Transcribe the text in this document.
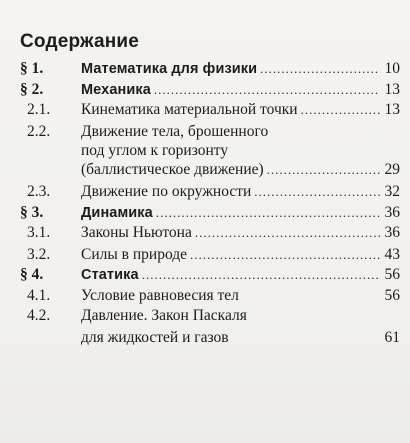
Содержание
§ 1.	Математика для физики .....	10
§ 2.	Механика .....	13
2.1. Кинематика материальной точки .....	13
2.2. Движение тела, брошенного
под углом к горизонту
(баллистическое движение) .....	29
2.3. Движение по окружности .....	32
§ 3.	Динамика .....	36
3.1. Законы Ньютона .....	36
3.2. Силы в природе .....	43
§ 4.	Статика .....	56
4.1. Условие равновесия тел	56
4.2. Давление. Закон Паскаля
для жидкостей и газов	61
